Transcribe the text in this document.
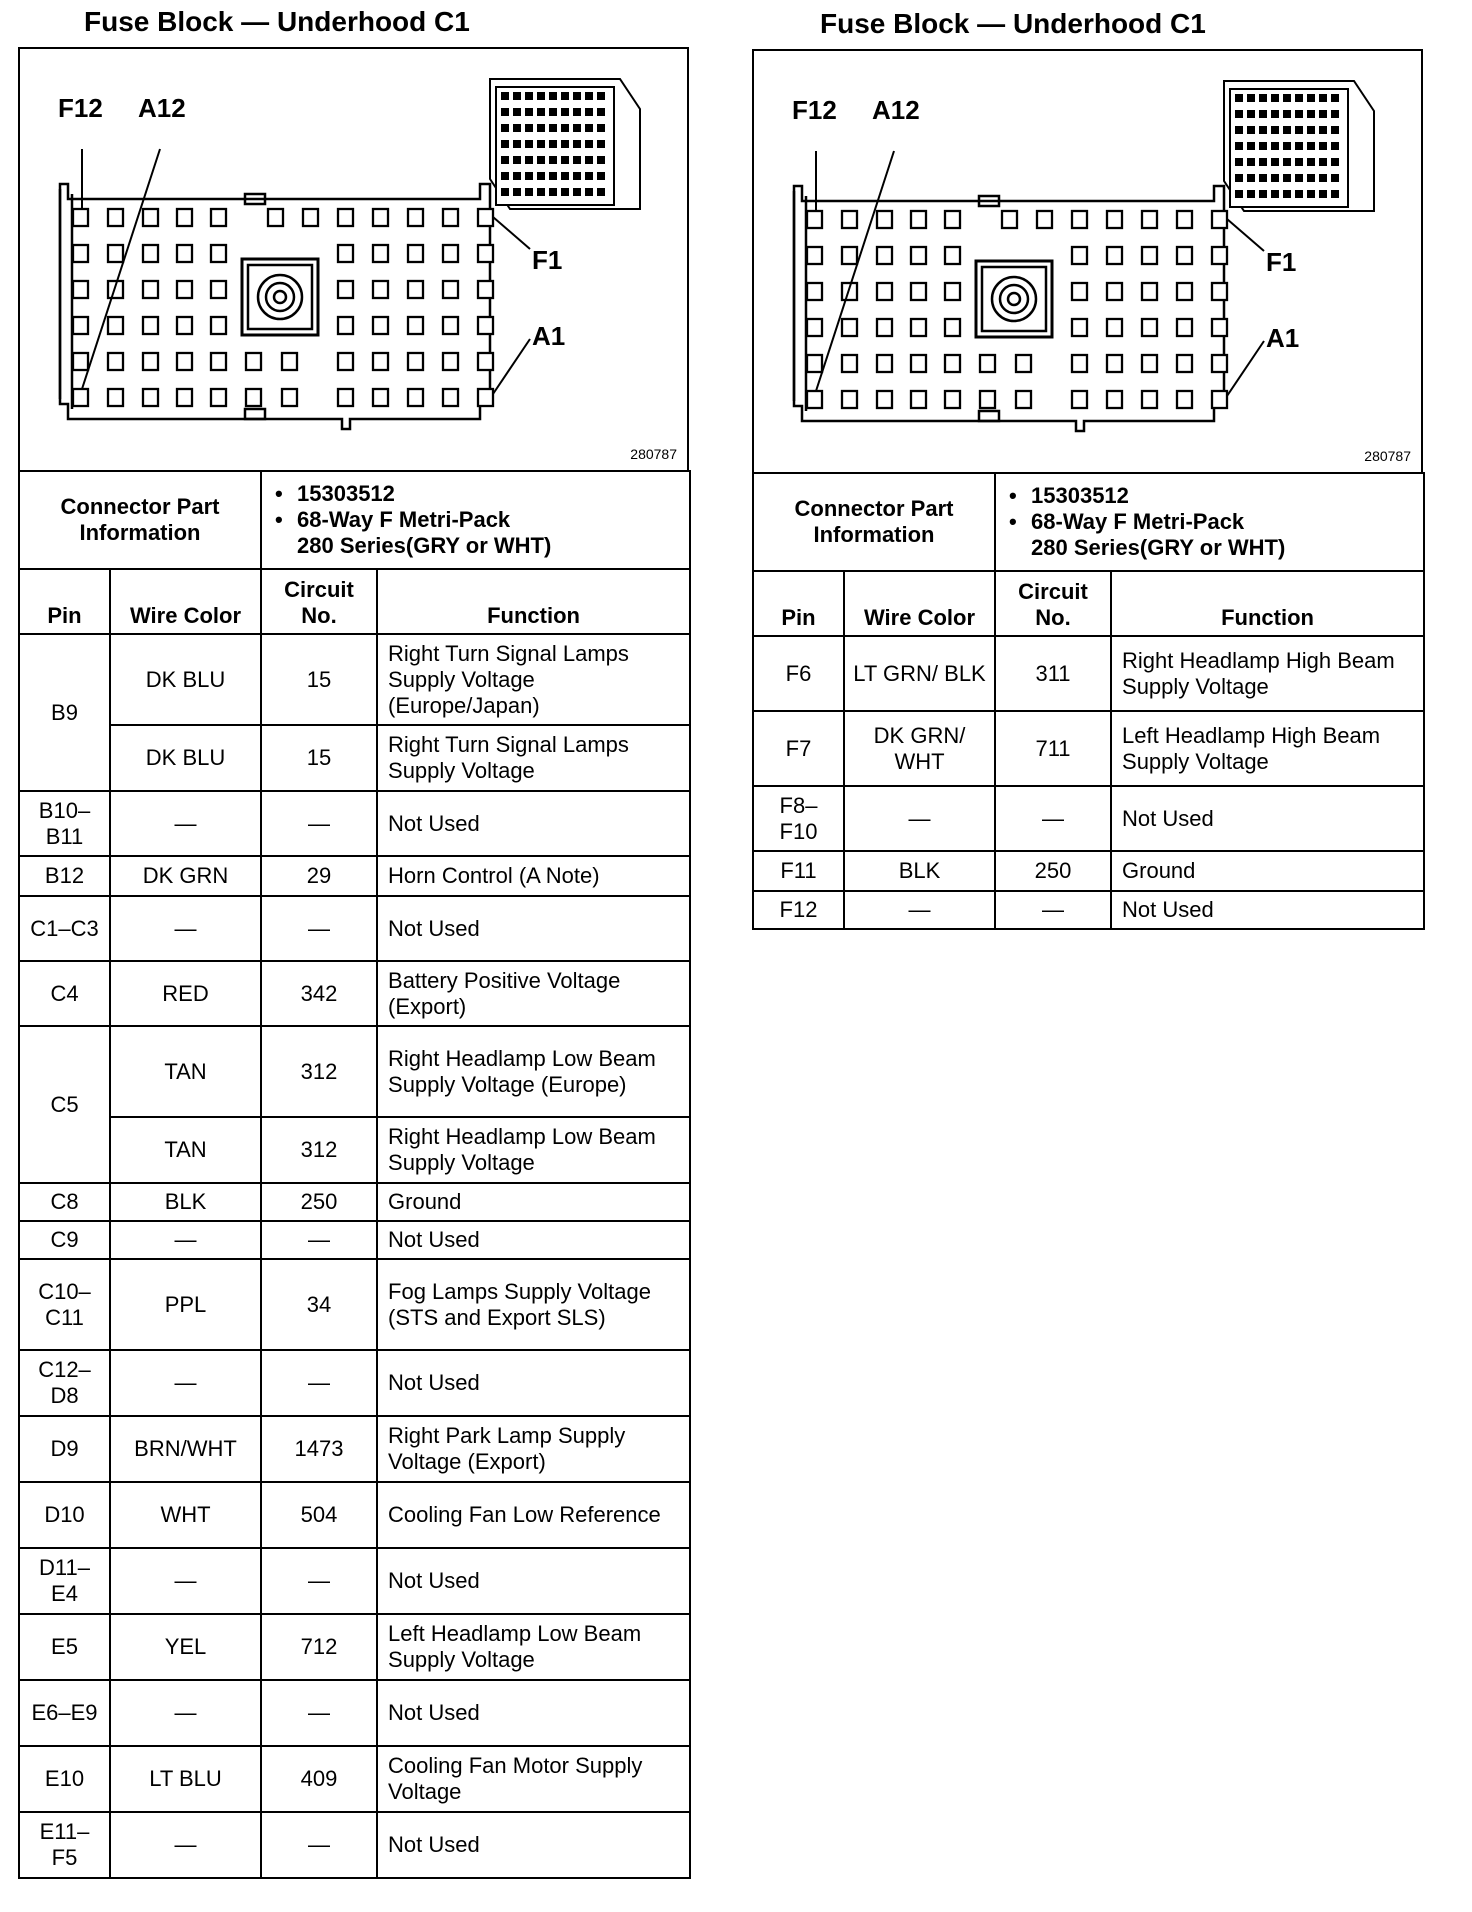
Fuse Block — Underhood C1
F12 A12
F1
A1
280787
Connector Part Information		• 15303512
• 68-Way F Metri-Pack
280 Series(GRY or WHT)	

Pin	Wire Color	Circuit No.	Function
B9	DK BLU	15	Right Turn Signal Lamps Supply Voltage (Europe/Japan)
	DK BLU	15	Right Turn Signal Lamps Supply Voltage
B10–B11	—	—	Not Used
B12	DK GRN	29	Horn Control (A Note)
C1–C3	—	—	Not Used
C4	RED	342	Battery Positive Voltage (Export)
C5	TAN	312	Right Headlamp Low Beam Supply Voltage (Europe)
	TAN	312	Right Headlamp Low Beam Supply Voltage
C8	BLK	250	Ground
C9	—	—	Not Used
C10–C11	PPL	34	Fog Lamps Supply Voltage (STS and Export SLS)
C12–D8	—	—	Not Used
D9	BRN/WHT	1473	Right Park Lamp Supply Voltage (Export)
D10	WHT	504	Cooling Fan Low Reference
D11–E4	—	—	Not Used
E5	YEL	712	Left Headlamp Low Beam Supply Voltage
E6–E9	—	—	Not Used
E10	LT BLU	409	Cooling Fan Motor Supply Voltage
E11–F5	—	—	Not Used
Fuse Block — Underhood C1
F12 A12
F1
A1
280787
Connector Part Information		• 15303512
• 68-Way F Metri-Pack
280 Series(GRY or WHT)	

Pin	Wire Color	Circuit No.	Function
F6	LT GRN/ BLK	311	Right Headlamp High Beam Supply Voltage
F7	DK GRN/ WHT	711	Left Headlamp High Beam Supply Voltage
F8–F10	—	—	Not Used
F11	BLK	250	Ground
F12	—	—	Not Used
